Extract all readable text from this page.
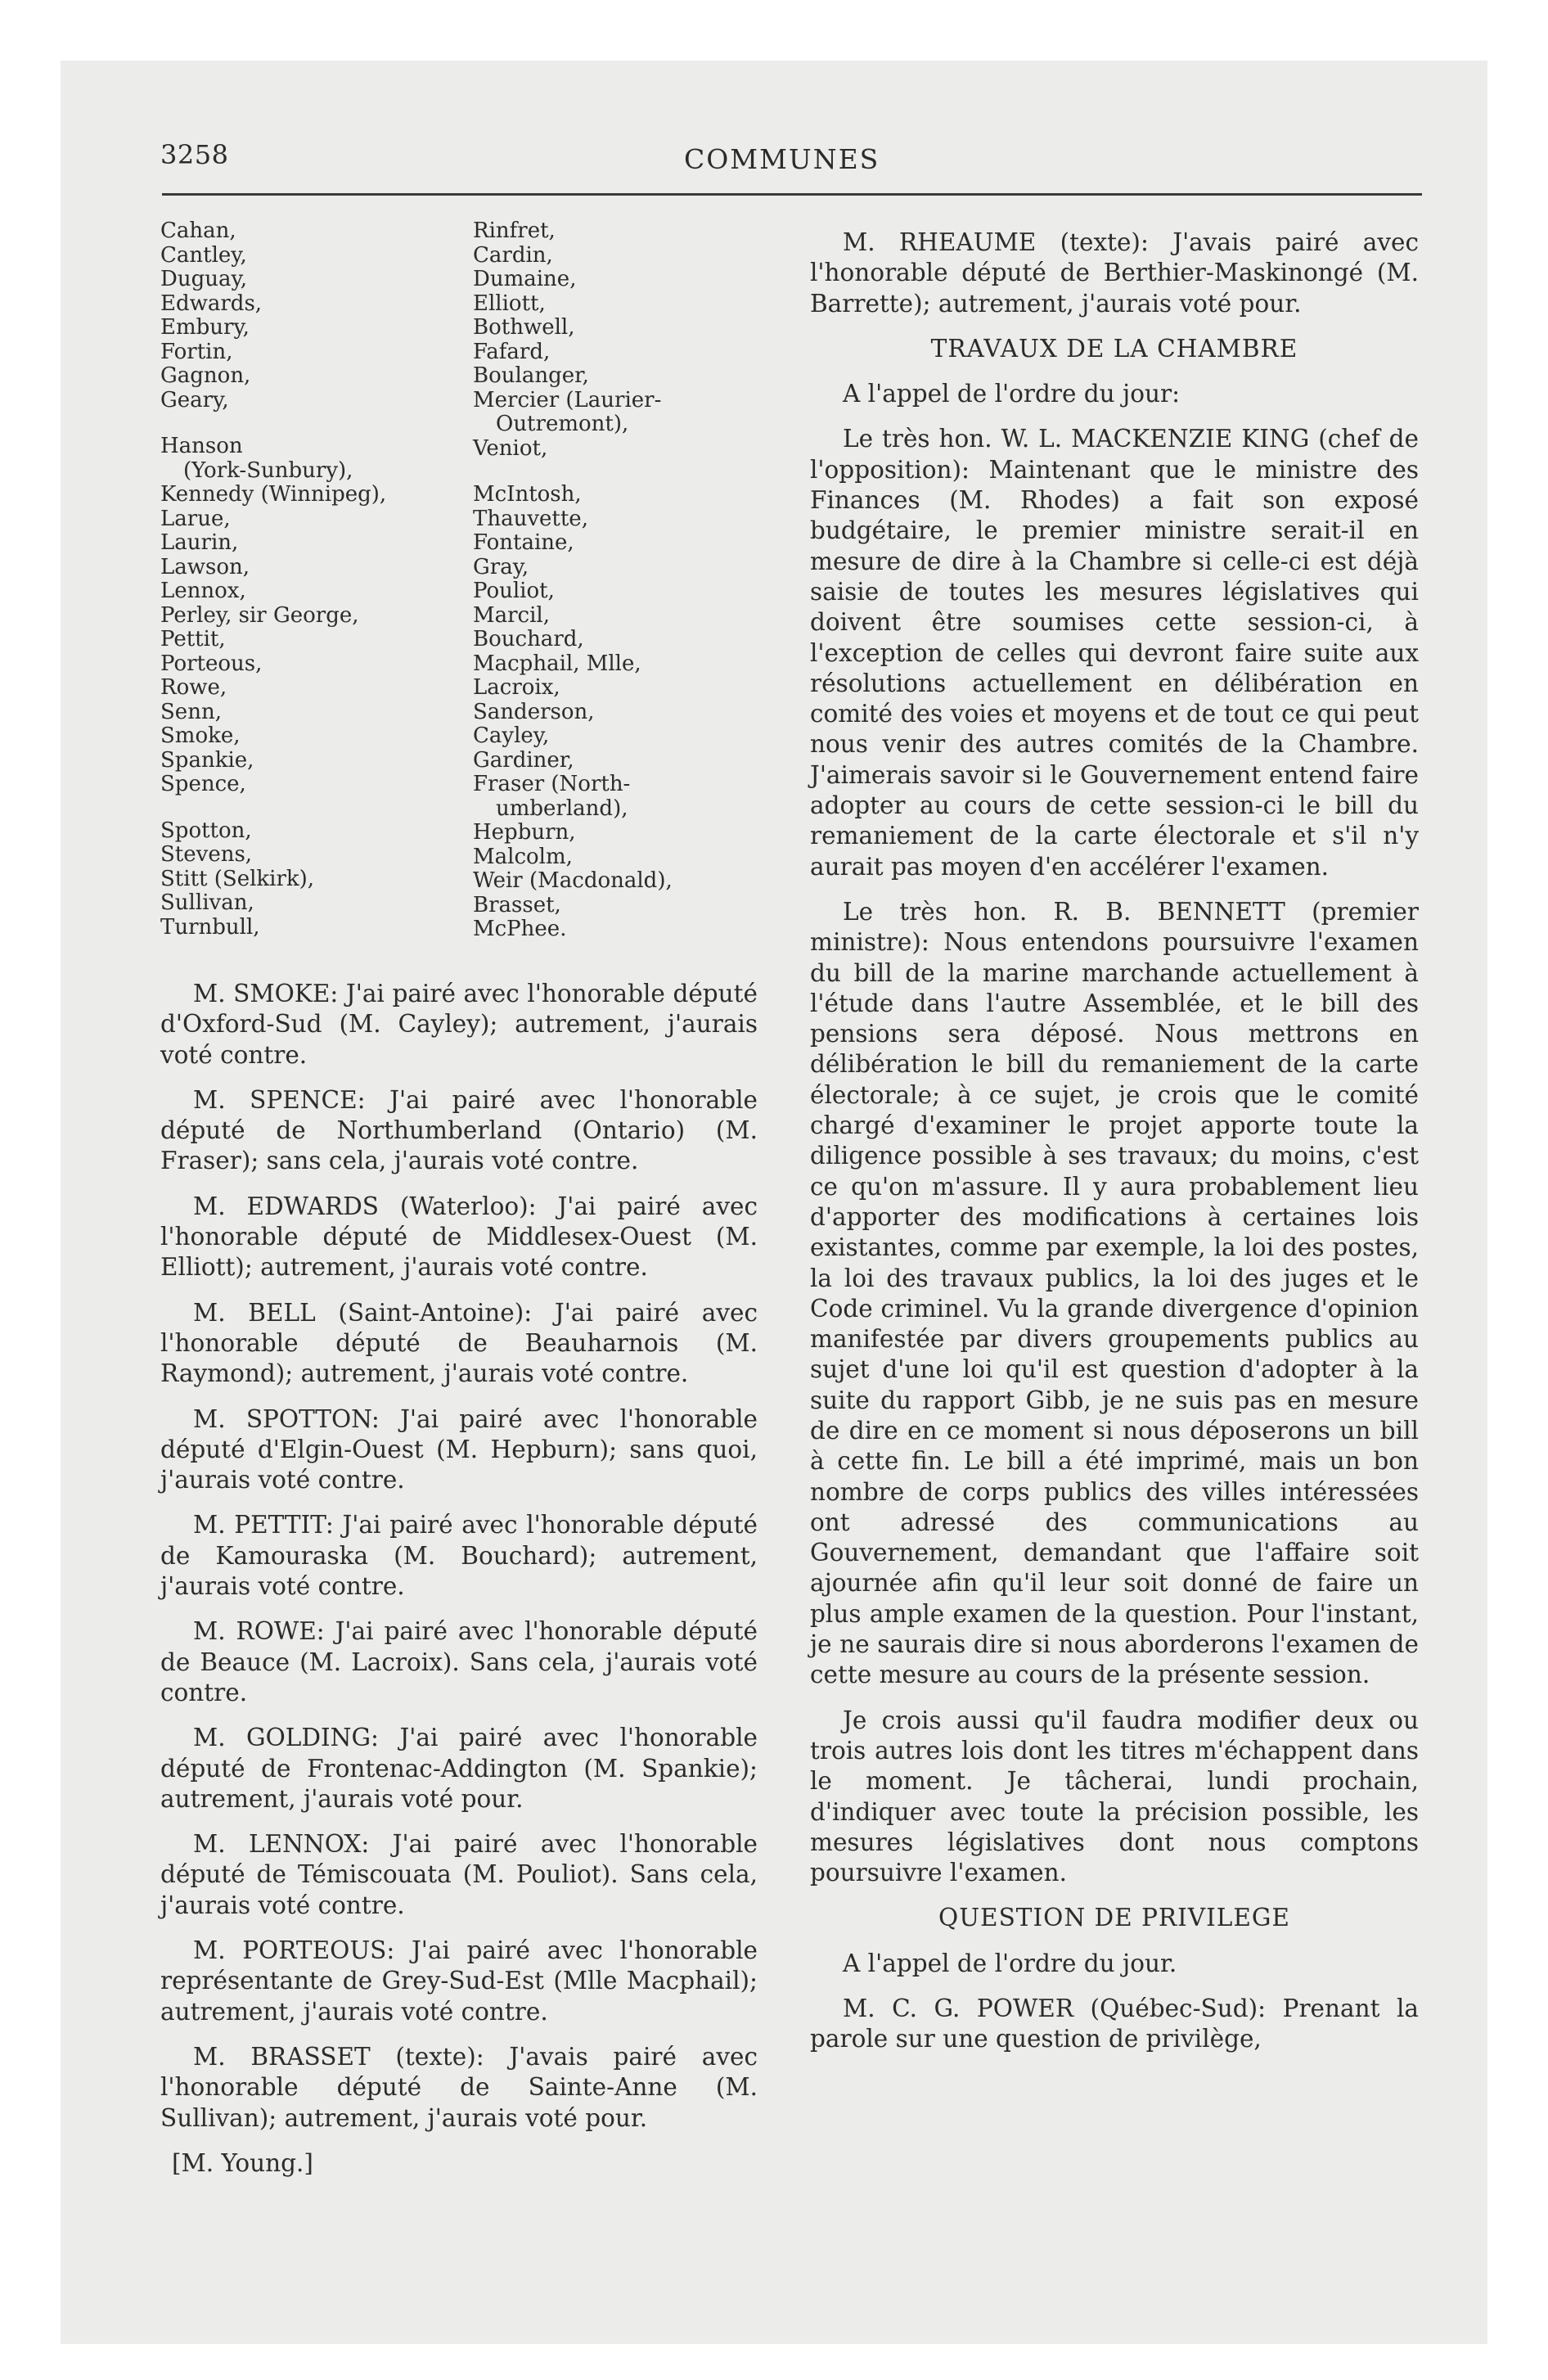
3258	COMMUNES
Cahan,
Cantley,
Duguay,
Edwards,
Embury,
Fortin,
Gagnon,
Geary,
Hanson
(York-Sunbury),
Kennedy (Winnipeg),
Larue,
Laurin,
Lawson,
Lennox,
Perley, sir George,
Pettit,
Porteous,
Rowe,
Senn,
Smoke,
Spankie,
Spence,
Spotton,
Stevens,
Stitt (Selkirk),
Sullivan,
Turnbull,
Rinfret,
Cardin,
Dumaine,
Elliott,
Bothwell,
Fafard,
Boulanger,
Mercier (Laurier-
Outremont),
Veniot,
McIntosh,
Thauvette,
Fontaine,
Gray,
Pouliot,
Marcil,
Bouchard,
Macphail, Mlle,
Lacroix,
Sanderson,
Cayley,
Gardiner,
Fraser (North-
umberland),
Hepburn,
Malcolm,
Weir (Macdonald),
Brasset,
McPhee.

M. SMOKE: J'ai pairé avec l'honorable député d'Oxford-Sud (M. Cayley); autrement, j'aurais voté contre.

M. SPENCE: J'ai pairé avec l'honorable député de Northumberland (Ontario) (M. Fraser); sans cela, j'aurais voté contre.

M. EDWARDS (Waterloo): J'ai pairé avec l'honorable député de Middlesex-Ouest (M. Elliott); autrement, j'aurais voté contre.

M. BELL (Saint-Antoine): J'ai pairé avec l'honorable député de Beauharnois (M. Raymond); autrement, j'aurais voté contre.

M. SPOTTON: J'ai pairé avec l'honorable député d'Elgin-Ouest (M. Hepburn); sans quoi, j'aurais voté contre.

M. PETTIT: J'ai pairé avec l'honorable député de Kamouraska (M. Bouchard); autrement, j'aurais voté contre.

M. ROWE: J'ai pairé avec l'honorable député de Beauce (M. Lacroix). Sans cela, j'aurais voté contre.

M. GOLDING: J'ai pairé avec l'honorable député de Frontenac-Addington (M. Spankie); autrement, j'aurais voté pour.

M. LENNOX: J'ai pairé avec l'honorable député de Témiscouata (M. Pouliot). Sans cela, j'aurais voté contre.

M. PORTEOUS: J'ai pairé avec l'honorable représentante de Grey-Sud-Est (Mlle Macphail); autrement, j'aurais voté contre.

M. BRASSET (texte): J'avais pairé avec l'honorable député de Sainte-Anne (M. Sullivan); autrement, j'aurais voté pour.

[M. Young.]

M. RHEAUME (texte): J'avais pairé avec l'honorable député de Berthier-Maskinongé (M. Barrette); autrement, j'aurais voté pour.

TRAVAUX DE LA CHAMBRE

A l'appel de l'ordre du jour:

Le très hon. W. L. MACKENZIE KING (chef de l'opposition): Maintenant que le ministre des Finances (M. Rhodes) a fait son exposé budgétaire, le premier ministre serait-il en mesure de dire à la Chambre si celle-ci est déjà saisie de toutes les mesures législatives qui doivent être soumises cette session-ci, à l'exception de celles qui devront faire suite aux résolutions actuellement en délibération en comité des voies et moyens et de tout ce qui peut nous venir des autres comités de la Chambre. J'aimerais savoir si le Gouvernement entend faire adopter au cours de cette session-ci le bill du remaniement de la carte électorale et s'il n'y aurait pas moyen d'en accélérer l'examen.

Le très hon. R. B. BENNETT (premier ministre): Nous entendons poursuivre l'examen du bill de la marine marchande actuellement à l'étude dans l'autre Assemblée, et le bill des pensions sera déposé. Nous mettrons en délibération le bill du remaniement de la carte électorale; à ce sujet, je crois que le comité chargé d'examiner le projet apporte toute la diligence possible à ses travaux; du moins, c'est ce qu'on m'assure. Il y aura probablement lieu d'apporter des modifications à certaines lois existantes, comme par exemple, la loi des postes, la loi des travaux publics, la loi des juges et le Code criminel. Vu la grande divergence d'opinion manifestée par divers groupements publics au sujet d'une loi qu'il est question d'adopter à la suite du rapport Gibb, je ne suis pas en mesure de dire en ce moment si nous déposerons un bill à cette fin. Le bill a été imprimé, mais un bon nombre de corps publics des villes intéressées ont adressé des communications au Gouvernement, demandant que l'affaire soit ajournée afin qu'il leur soit donné de faire un plus ample examen de la question. Pour l'instant, je ne saurais dire si nous aborderons l'examen de cette mesure au cours de la présente session.

Je crois aussi qu'il faudra modifier deux ou trois autres lois dont les titres m'échappent dans le moment. Je tâcherai, lundi prochain, d'indiquer avec toute la précision possible, les mesures législatives dont nous comptons poursuivre l'examen.

QUESTION DE PRIVILEGE

A l'appel de l'ordre du jour.

M. C. G. POWER (Québec-Sud): Prenant la parole sur une question de privilège,
